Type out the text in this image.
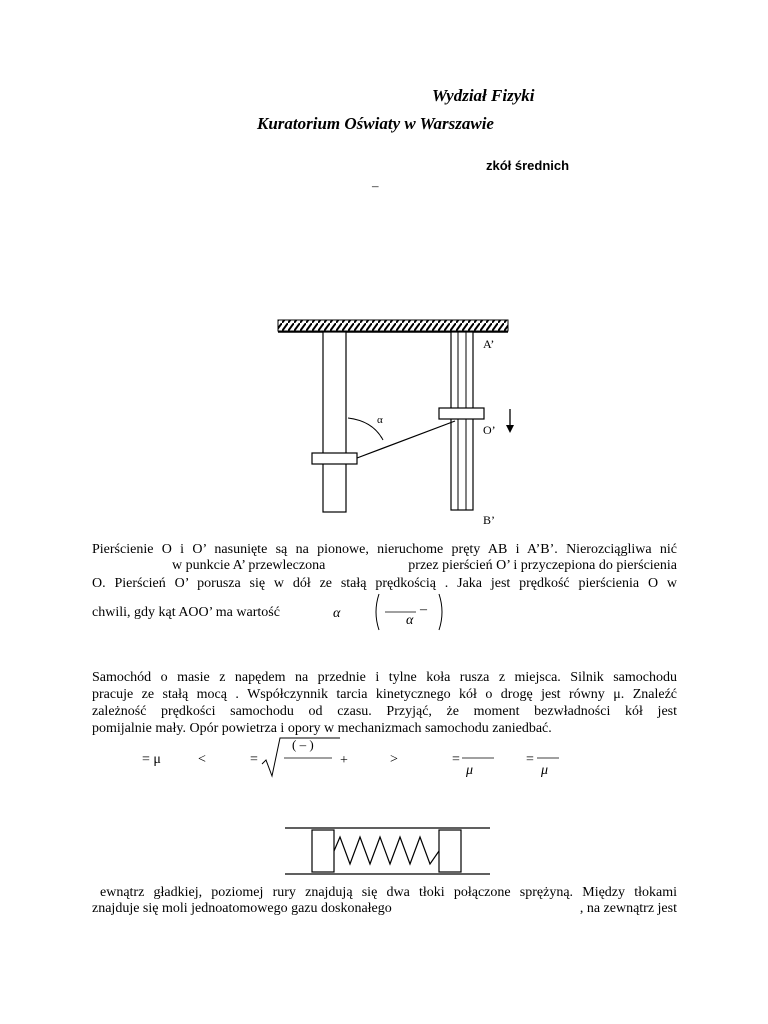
Wydział Fizyki
Kuratorium Oświaty w Warszawie
zkół średnich
–
A’
O’
B’
α
Pierścienie O i O’ nasunięte są na pionowe, nieruchome pręty AB i A’B’. Nierozciągliwa nić
w punkcie A’ przewleczona	przez pierścień O’ i przyczepiona do pierścienia
O. Pierścień O’ porusza się w dół ze stałą prędkością . Jaka jest prędkość pierścienia O w
chwili, gdy kąt AOO’ ma wartość	α	–
α
Samochód o masie z napędem na przednie i tylne koła rusza z miejsca. Silnik samochodu
pracuje ze stałą mocą . Współczynnik tarcia kinetycznego kół o drogę jest równy μ. Znaleźć
zależność prędkości samochodu od czasu. Przyjąć, że moment bezwładności kół jest
pomijalnie mały. Opór powietrza i opory w mechanizmach samochodu zaniedbać.
= μ	<	=
( – )
+	>	=
μ
=
μ
ewnątrz gładkiej, poziomej rury znajdują się dwa tłoki połączone sprężyną. Między tłokami
znajduje się moli jednoatomowego gazu doskonałego	, na zewnątrz jest
